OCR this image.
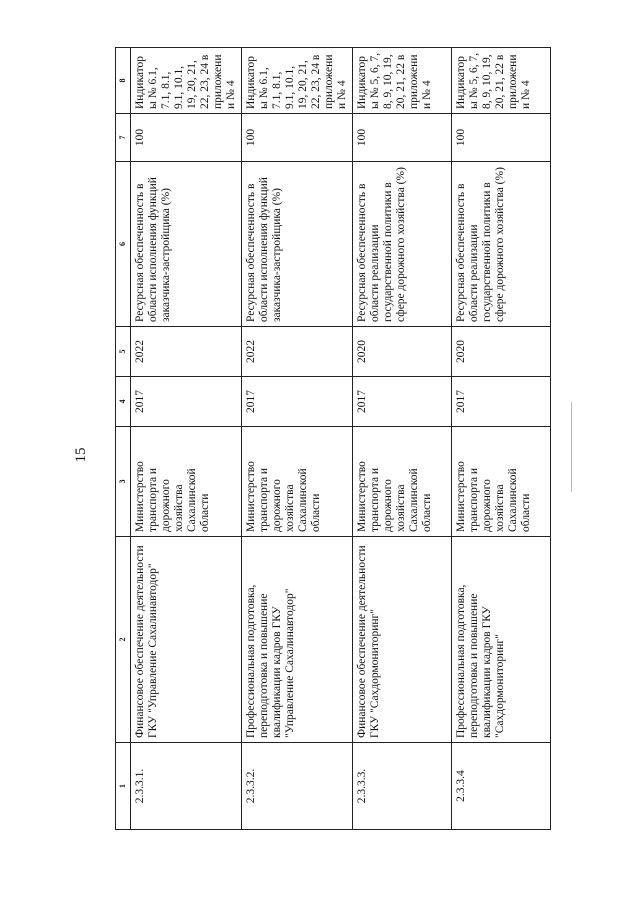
15
1	2	3	4	5	6	7	8
2.3.3.1.	Финансовое обеспечение деятельности ГКУ "Управление Сахалинавтодор"	Министерство транспорта и дорожного хозяйства Сахалинской области	2017	2022	Ресурсная обеспеченность в области исполнения функций заказчика-застройщика (%)	100	Индикаторы № 6.1, 7.1, 8.1, 9.1, 10.1, 19, 20, 21, 22, 23, 24 в приложении № 4
2.3.3.2.	Профессиональная подготовка, переподготовка и повышение квалификации кадров ГКУ "Управление Сахалинавтодор"	Министерство транспорта и дорожного хозяйства Сахалинской области	2017	2022	Ресурсная обеспеченность в области исполнения функций заказчика-застройщика (%)	100	Индикаторы № 6.1, 7.1, 8.1, 9.1, 10.1, 19, 20, 21, 22, 23, 24 в приложении № 4
2.3.3.3.	Финансовое обеспечение деятельности ГКУ "Сахдормониторинг"	Министерство транспорта и дорожного хозяйства Сахалинской области	2017	2020	Ресурсная обеспеченность в области реализации государственной политики в сфере дорожного хозяйства (%)	100	Индикаторы № 5, 6, 7, 8, 9, 10, 19, 20, 21, 22 в приложении № 4
2.3.3.4	Профессиональная подготовка, переподготовка и повышение квалификации кадров ГКУ "Сахдормониторинг"	Министерство транспорта и дорожного хозяйства Сахалинской области	2017	2020	Ресурсная обеспеченность в области реализации государственной политики в сфере дорожного хозяйства (%)	100	Индикаторы № 5, 6, 7, 8, 9, 10, 19, 20, 21, 22 в приложении № 4
